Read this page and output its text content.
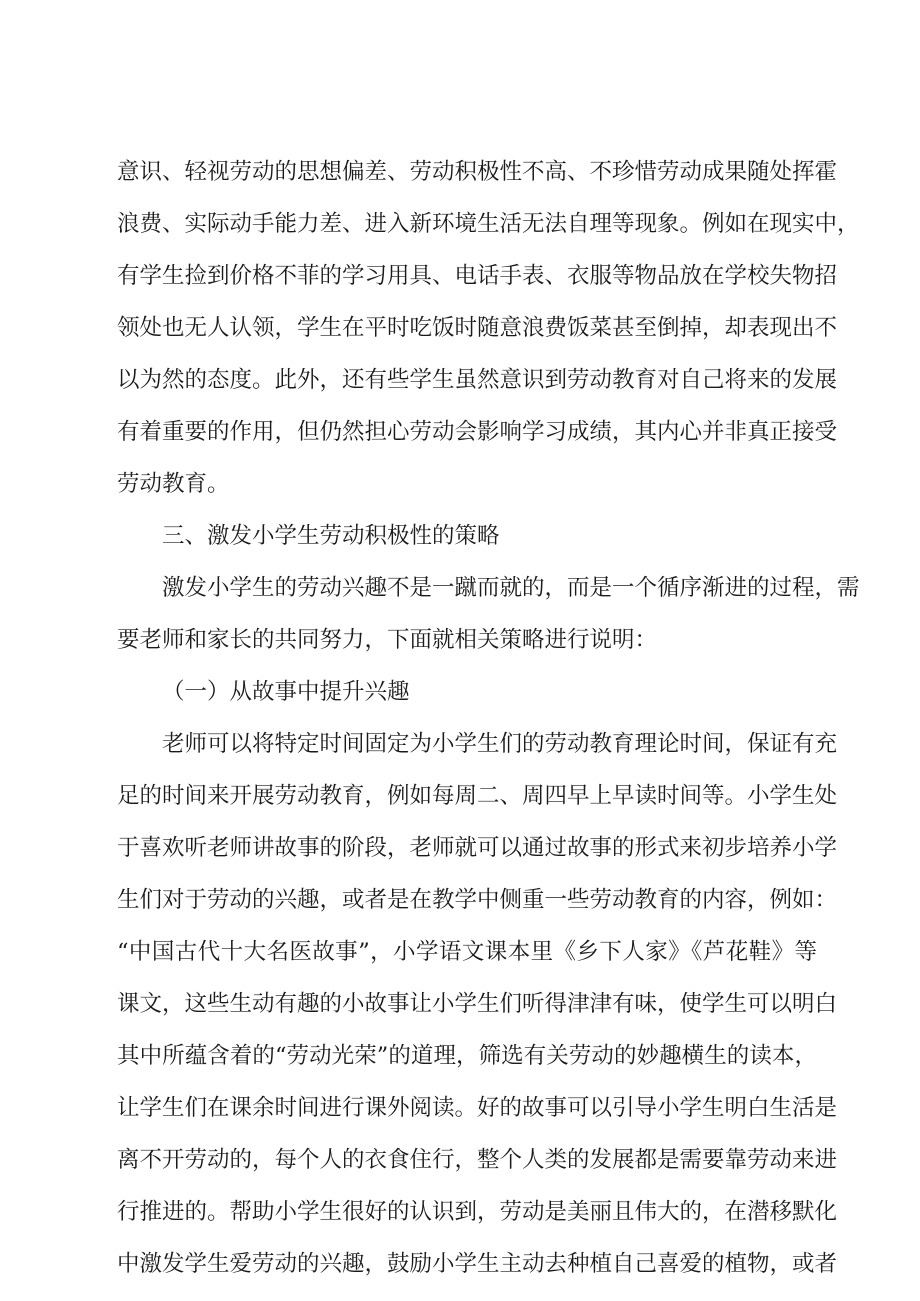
意识、轻视劳动的思想偏差、劳动积极性不高、不珍惜劳动成果随处挥霍
浪费、实际动手能力差、进入新环境生活无法自理等现象。例如在现实中，
有学生捡到价格不菲的学习用具、电话手表、衣服等物品放在学校失物招
领处也无人认领，学生在平时吃饭时随意浪费饭菜甚至倒掉，却表现出不
以为然的态度。此外，还有些学生虽然意识到劳动教育对自己将来的发展
有着重要的作用，但仍然担心劳动会影响学习成绩，其内心并非真正接受
劳动教育。
三、激发小学生劳动积极性的策略
激发小学生的劳动兴趣不是一蹴而就的，而是一个循序渐进的过程，需
要老师和家长的共同努力，下面就相关策略进行说明：
（一）从故事中提升兴趣
老师可以将特定时间固定为小学生们的劳动教育理论时间，保证有充
足的时间来开展劳动教育，例如每周二、周四早上早读时间等。小学生处
于喜欢听老师讲故事的阶段，老师就可以通过故事的形式来初步培养小学
生们对于劳动的兴趣，或者是在教学中侧重一些劳动教育的内容，例如：
“中国古代十大名医故事”，小学语文课本里《乡下人家》《芦花鞋》等
课文，这些生动有趣的小故事让小学生们听得津津有味，使学生可以明白
其中所蕴含着的“劳动光荣”的道理，筛选有关劳动的妙趣横生的读本，
让学生们在课余时间进行课外阅读。好的故事可以引导小学生明白生活是
离不开劳动的，每个人的衣食住行，整个人类的发展都是需要靠劳动来进
行推进的。帮助小学生很好的认识到，劳动是美丽且伟大的，在潜移默化
中激发学生爱劳动的兴趣，鼓励小学生主动去种植自己喜爱的植物，或者
